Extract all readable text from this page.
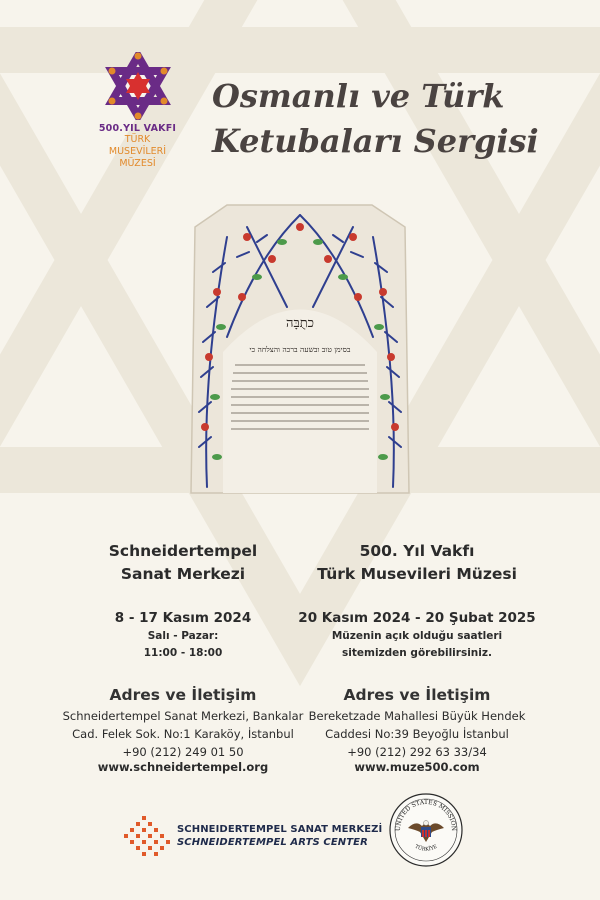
500.YIL VAKFI
TÜRK MUSEVİLERİ
MÜZESİ
Osmanlı ve Türk
Ketubaları Sergisi
כתֻבָּה
בסימן טוב ובשעה ברכה והצלחה כי
Schneidertempel
Sanat Merkezi
8 - 17 Kasım 2024
Salı - Pazar:
11:00 - 18:00
Adres ve İletişim
Schneidertempel Sanat Merkezi, Bankalar
Cad. Felek Sok. No:1 Karaköy, İstanbul
+90 (212) 249 01 50
www.schneidertempel.org
500. Yıl Vakfı
Türk Musevileri Müzesi
20 Kasım 2024 - 20 Şubat 2025
Müzenin açık olduğu saatleri
sitemizden görebilirsiniz.
Adres ve İletişim
Bereketzade Mahallesi Büyük Hendek
Caddesi No:39 Beyoğlu İstanbul
+90 (212) 292 63 33/34
www.muze500.com
SCHNEIDERTEMPEL SANAT MERKEZİ
SCHNEIDERTEMPEL ARTS CENTER
UNITED STATES MISSION
TÜRKİYE
